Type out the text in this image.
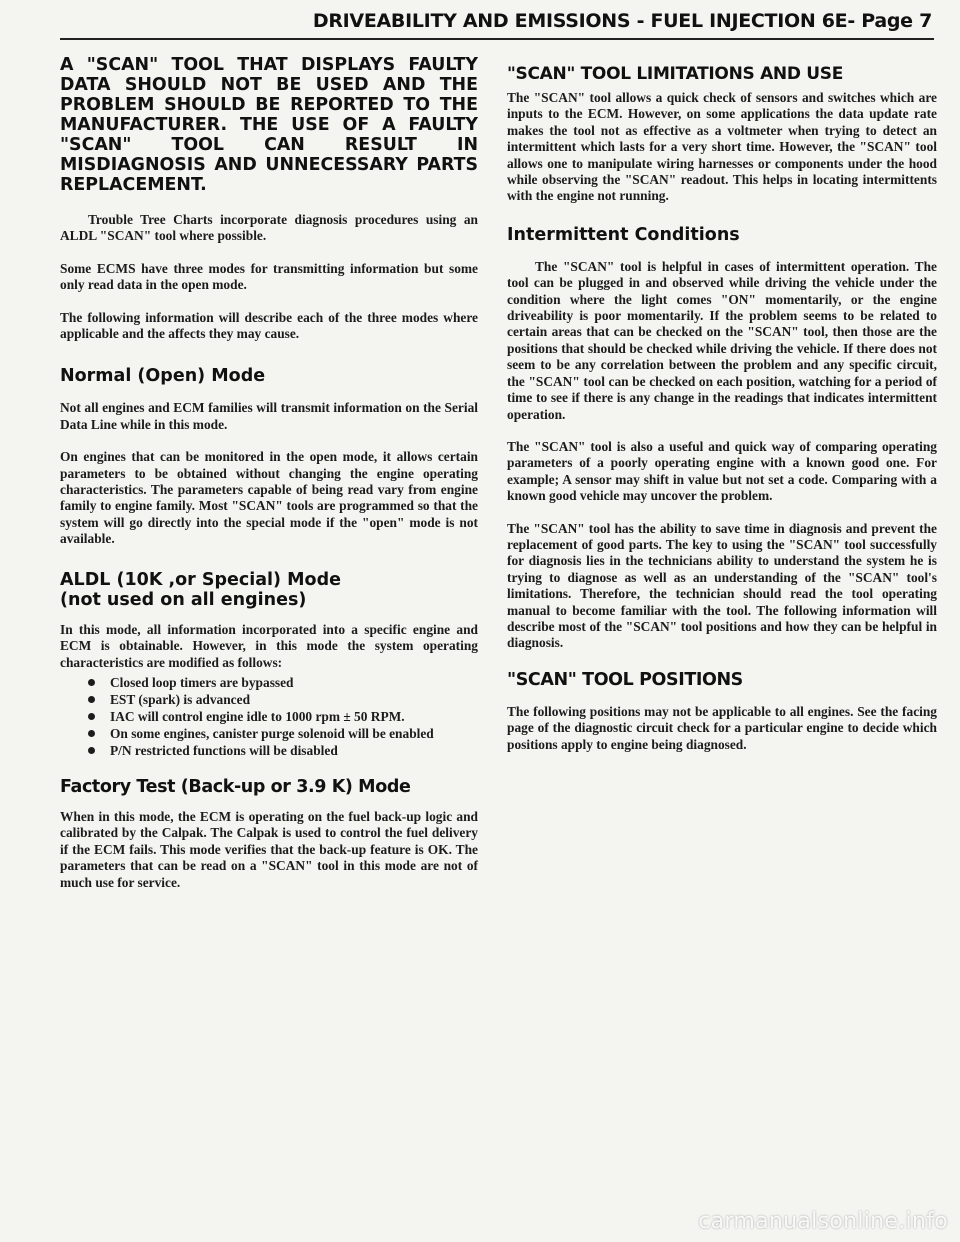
DRIVEABILITY AND EMISSIONS - FUEL INJECTION 6E- Page 7
A "SCAN" TOOL THAT DISPLAYS FAULTY DATA SHOULD NOT BE USED AND THE PROBLEM SHOULD BE REPORTED TO THE MANUFACTURER. THE USE OF A FAULTY "SCAN" TOOL CAN RESULT IN MISDIAGNOSIS AND UNNECESSARY PARTS REPLACEMENT.

Trouble Tree Charts incorporate diagnosis procedures using an ALDL "SCAN" tool where possible.

Some ECMS have three modes for transmitting information but some only read data in the open mode.

The following information will describe each of the three modes where applicable and the affects they may cause.

Normal (Open) Mode

Not all engines and ECM families will transmit information on the Serial Data Line while in this mode.

On engines that can be monitored in the open mode, it allows certain parameters to be obtained without changing the engine operating characteristics. The parameters capable of being read vary from engine family to engine family. Most "SCAN" tools are programmed so that the system will go directly into the special mode if the "open" mode is not available.

ALDL (10K ,or Special) Mode
(not used on all engines)

In this mode, all information incorporated into a specific engine and ECM is obtainable. However, in this mode the system operating characteristics are modified as follows:

Closed loop timers are bypassed
EST (spark) is advanced
IAC will control engine idle to 1000 rpm ± 50 RPM.
On some engines, canister purge solenoid will be enabled
P/N restricted functions will be disabled
Factory Test (Back-up or 3.9 K) Mode

When in this mode, the ECM is operating on the fuel back-up logic and calibrated by the Calpak. The Calpak is used to control the fuel delivery if the ECM fails. This mode verifies that the back-up feature is OK. The parameters that can be read on a "SCAN" tool in this mode are not of much use for service.

"SCAN" TOOL LIMITATIONS AND USE

The "SCAN" tool allows a quick check of sensors and switches which are inputs to the ECM. However, on some applications the data update rate makes the tool not as effective as a voltmeter when trying to detect an intermittent which lasts for a very short time. However, the "SCAN" tool allows one to manipulate wiring harnesses or components under the hood while observing the "SCAN" readout. This helps in locating intermittents with the engine not running.

Intermittent Conditions

The "SCAN" tool is helpful in cases of intermittent operation. The tool can be plugged in and observed while driving the vehicle under the condition where the light comes "ON" momentarily, or the engine driveability is poor momentarily. If the problem seems to be related to certain areas that can be checked on the "SCAN" tool, then those are the positions that should be checked while driving the vehicle. If there does not seem to be any correlation between the problem and any specific circuit, the "SCAN" tool can be checked on each position, watching for a period of time to see if there is any change in the readings that indicates intermittent operation.

The "SCAN" tool is also a useful and quick way of comparing operating parameters of a poorly operating engine with a known good one. For example; A sensor may shift in value but not set a code. Comparing with a known good vehicle may uncover the problem.

The "SCAN" tool has the ability to save time in diagnosis and prevent the replacement of good parts. The key to using the "SCAN" tool successfully for diagnosis lies in the technicians ability to understand the system he is trying to diagnose as well as an understanding of the "SCAN" tool's limitations. Therefore, the technician should read the tool operating manual to become familiar with the tool. The following information will describe most of the "SCAN" tool positions and how they can be helpful in diagnosis.

"SCAN" TOOL POSITIONS

The following positions may not be applicable to all engines. See the facing page of the diagnostic circuit check for a particular engine to decide which positions apply to engine being diagnosed.

carmanualsonline.info
